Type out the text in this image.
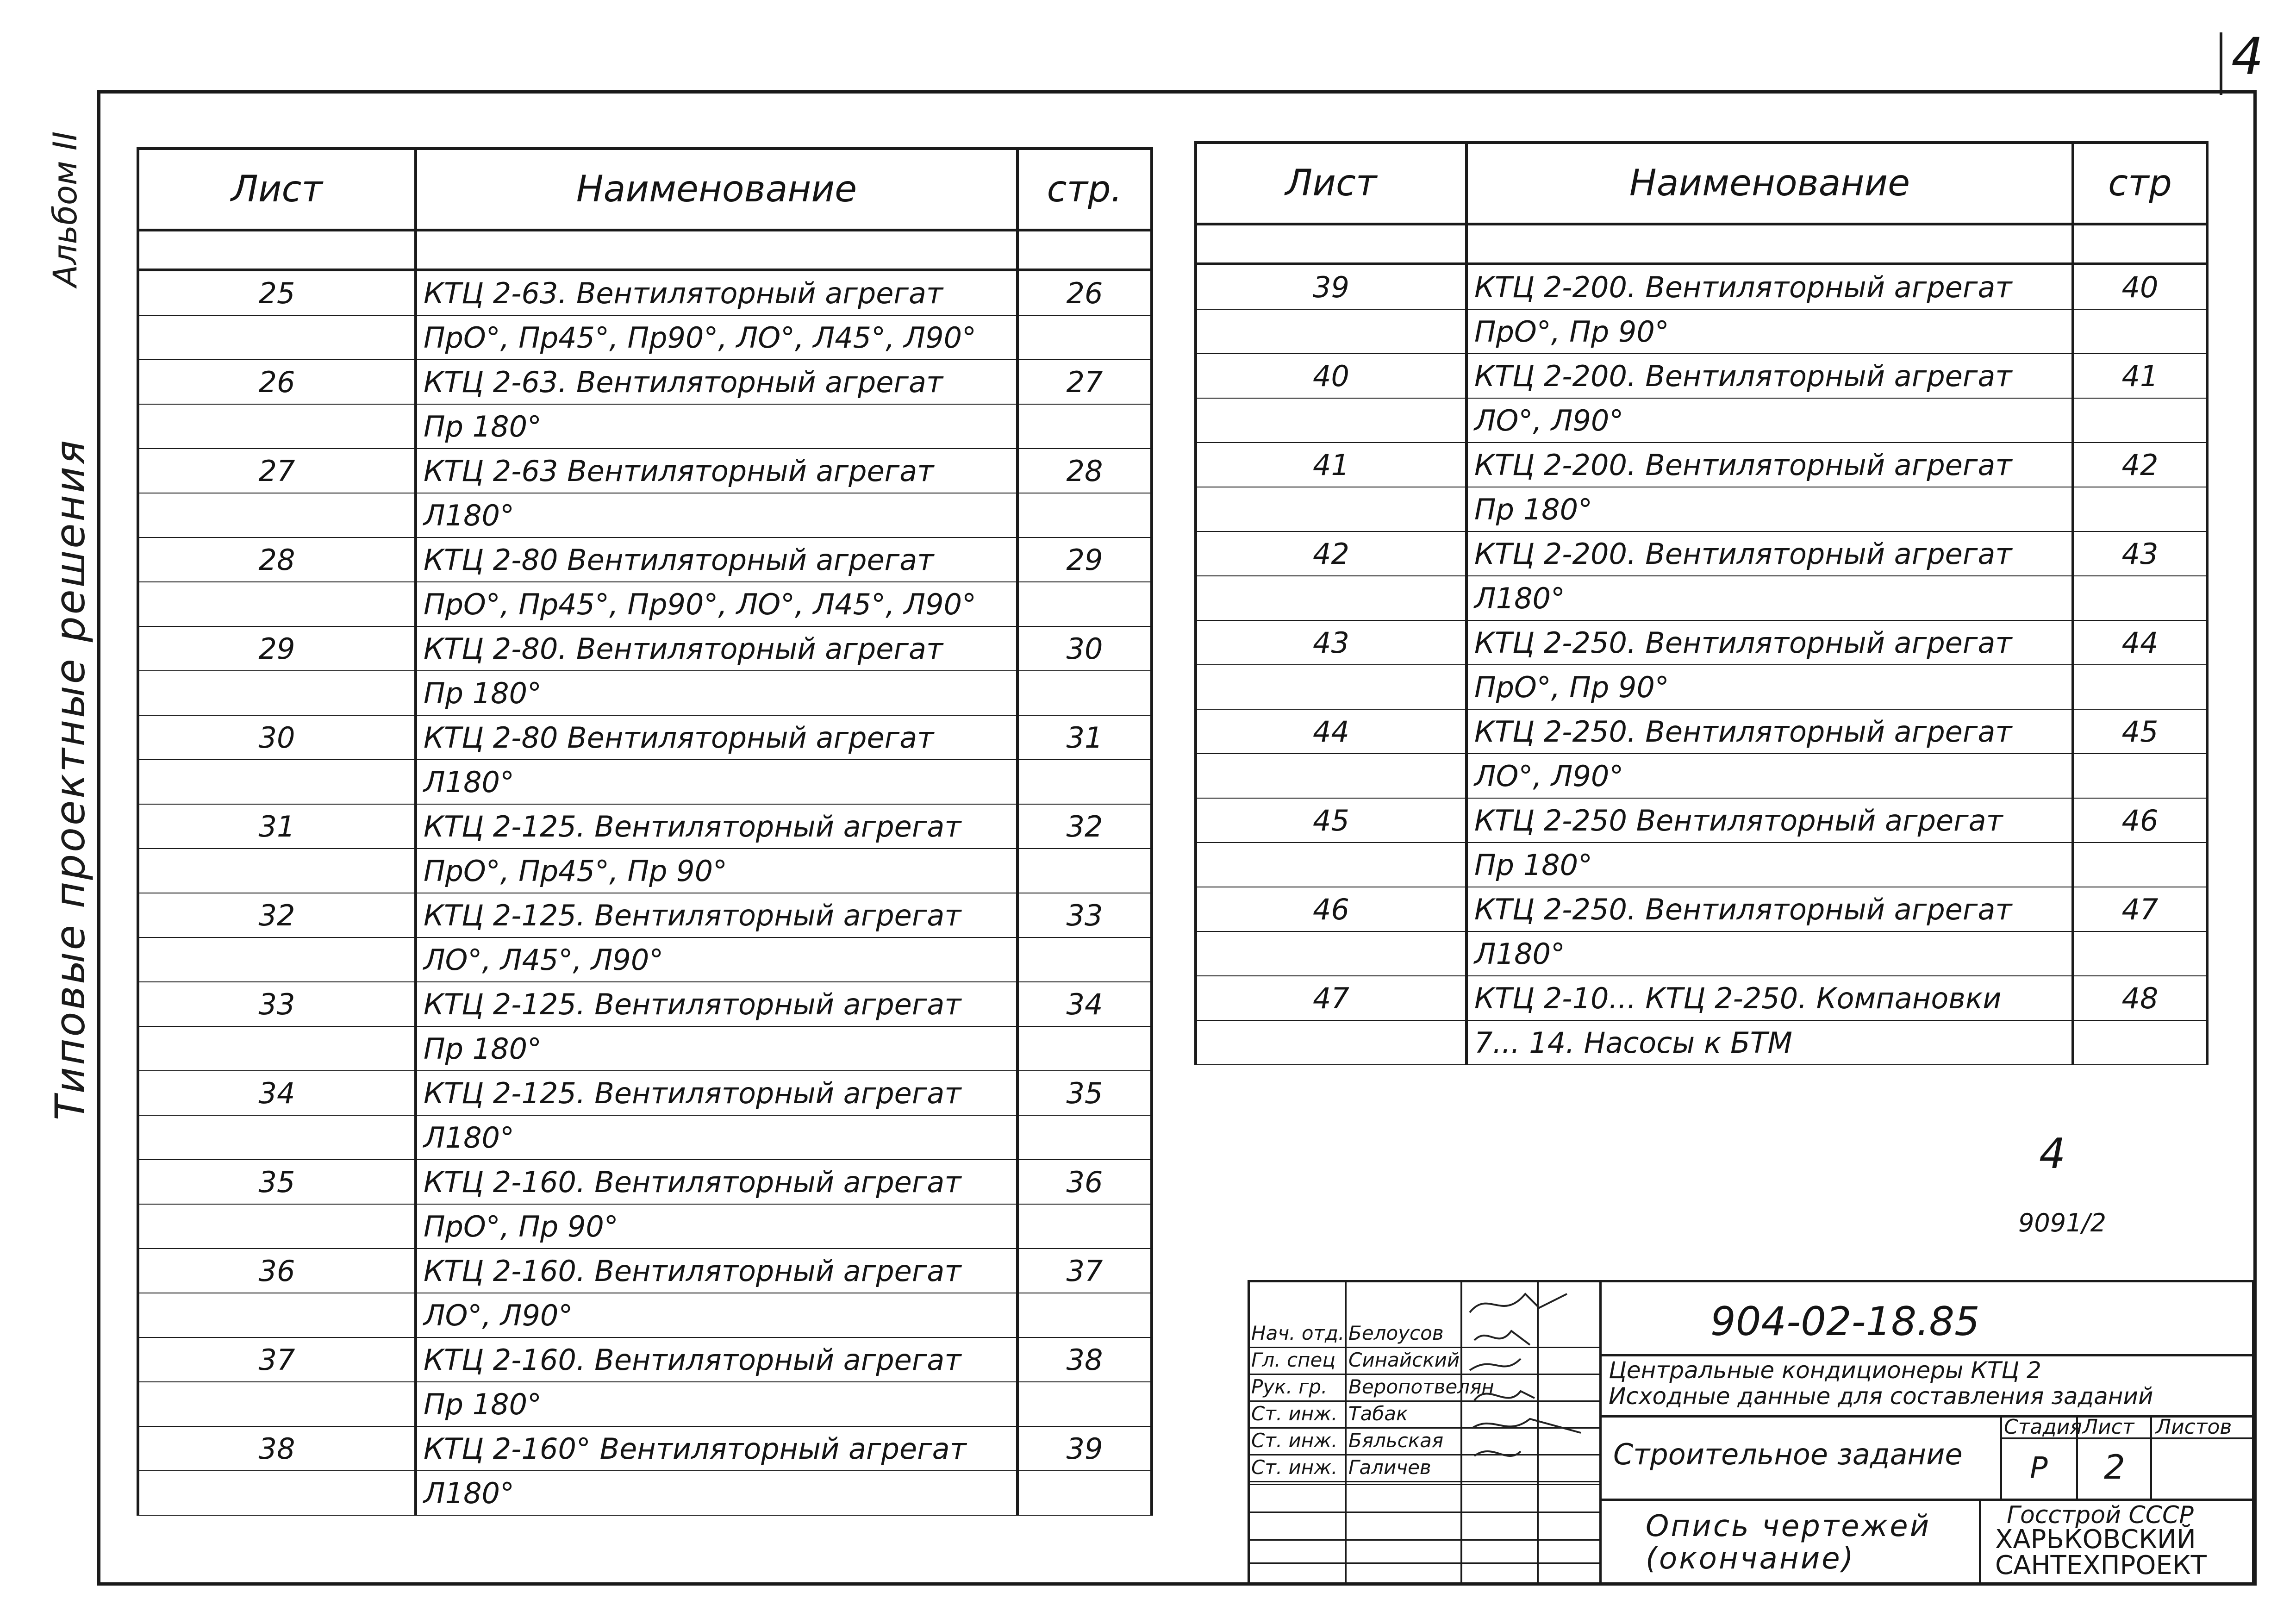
4
Альбом II
Типовые проектные решения
Лист	Наименование	стр.

25	КТЦ 2-63. Вентиляторный агрегат	26
	ПрО°, Пр45°, Пр90°, ЛО°, Л45°, Л90°	
26	КТЦ 2-63. Вентиляторный агрегат	27
	Пр 180°	
27	КТЦ 2-63 Вентиляторный агрегат	28
	Л180°	
28	КТЦ 2-80 Вентиляторный агрегат	29
	ПрО°, Пр45°, Пр90°, ЛО°, Л45°, Л90°	
29	КТЦ 2-80. Вентиляторный агрегат	30
	Пр 180°	
30	КТЦ 2-80 Вентиляторный агрегат	31
	Л180°	
31	КТЦ 2-125. Вентиляторный агрегат	32
	ПрО°, Пр45°, Пр 90°	
32	КТЦ 2-125. Вентиляторный агрегат	33
	ЛО°, Л45°, Л90°	
33	КТЦ 2-125. Вентиляторный агрегат	34
	Пр 180°	
34	КТЦ 2-125. Вентиляторный агрегат	35
	Л180°	
35	КТЦ 2-160. Вентиляторный агрегат	36
	ПрО°, Пр 90°	
36	КТЦ 2-160. Вентиляторный агрегат	37
	ЛО°, Л90°	
37	КТЦ 2-160. Вентиляторный агрегат	38
	Пр 180°	
38	КТЦ 2-160° Вентиляторный агрегат	39
	Л180°	
Лист	Наименование	стр

39	КТЦ 2-200. Вентиляторный агрегат	40
	ПрО°, Пр 90°	
40	КТЦ 2-200. Вентиляторный агрегат	41
	ЛО°, Л90°	
41	КТЦ 2-200. Вентиляторный агрегат	42
	Пр 180°	
42	КТЦ 2-200. Вентиляторный агрегат	43
	Л180°	
43	КТЦ 2-250. Вентиляторный агрегат	44
	ПрО°, Пр 90°	
44	КТЦ 2-250. Вентиляторный агрегат	45
	ЛО°, Л90°	
45	КТЦ 2-250 Вентиляторный агрегат	46
	Пр 180°	
46	КТЦ 2-250. Вентиляторный агрегат	47
	Л180°	
47	КТЦ 2-10... КТЦ 2-250. Компановки	48
	7... 14. Насосы к БТМ	
4
9091/2
Нач. отд. Белоусов
Гл. спец Синайский
Рук. гр. Веропотвелян
Ст. инж. Табак
Ст. инж. Бяльская
Ст. инж. Галичев
904-02-18.85
Центральные кондиционеры КТЦ 2
Исходные данные для составления заданий
Строительное задание
Стадия Лист Листов
Р 2
Опись чертежей
(окончание)
Госстрой СССР
ХАРЬКОВСКИЙ
САНТЕХПРОЕКТ
